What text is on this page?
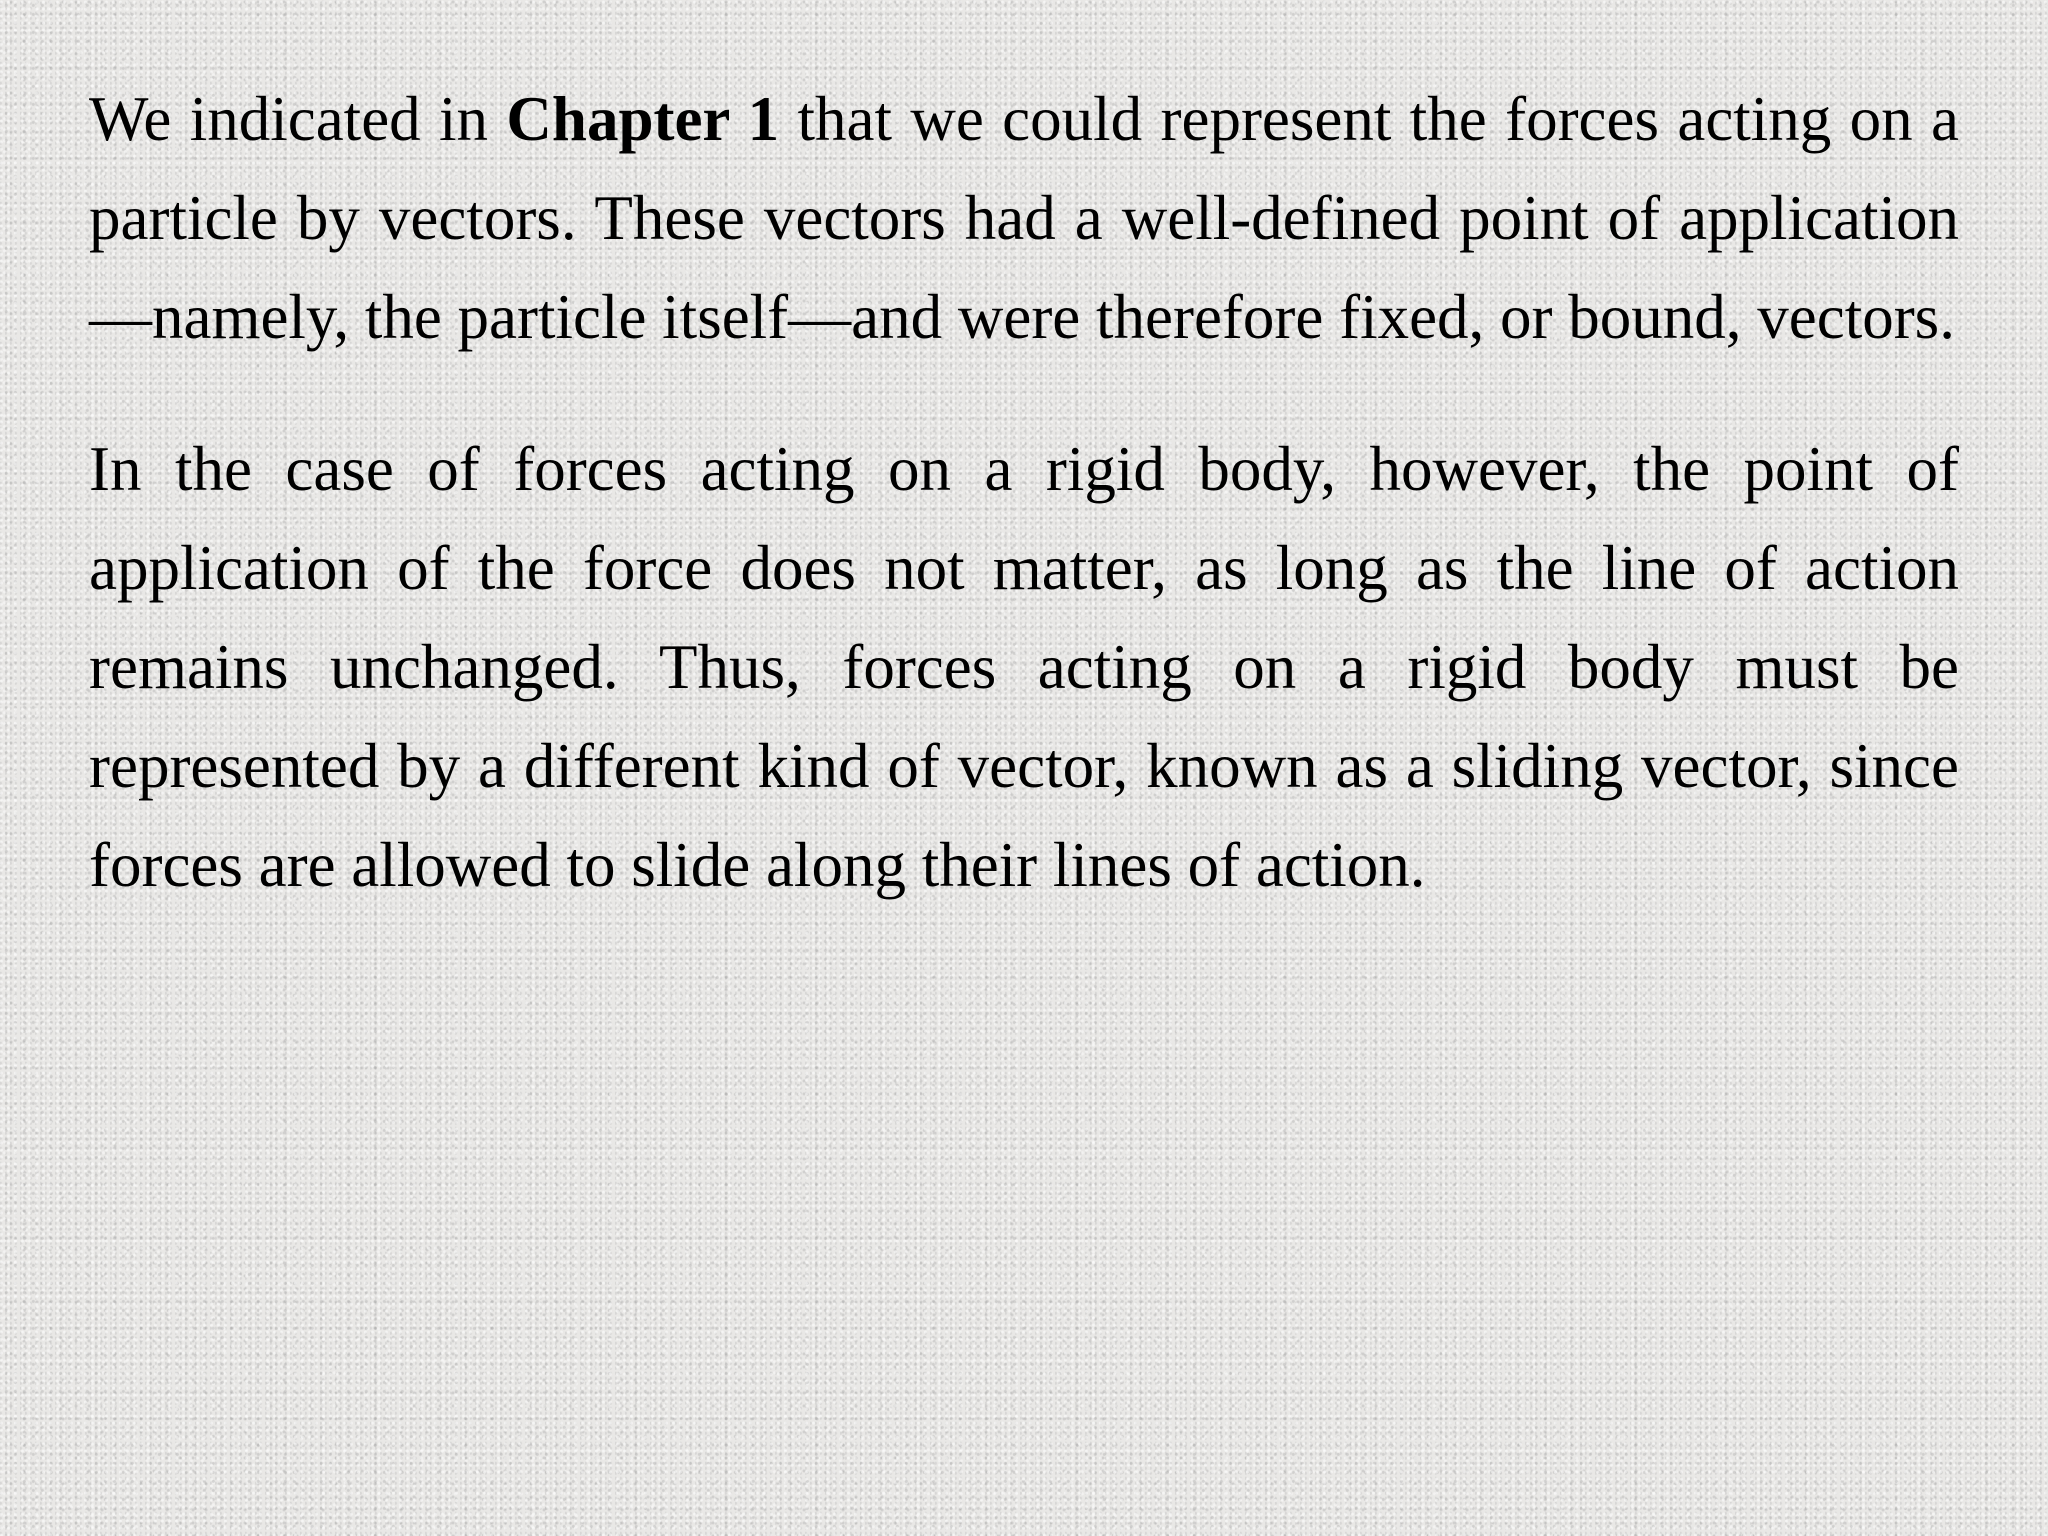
We indicated in Chapter 1 that we could represent the forces acting on a particle by vectors. These vectors had a well-defined point of application—namely, the particle itself—and were therefore fixed, or bound, vectors.

In the case of forces acting on a rigid body, however, the point of application of the force does not matter, as long as the line of action remains unchanged. Thus, forces acting on a rigid body must be represented by a different kind of vector, known as a sliding vector, since forces are allowed to slide along their lines of action.
